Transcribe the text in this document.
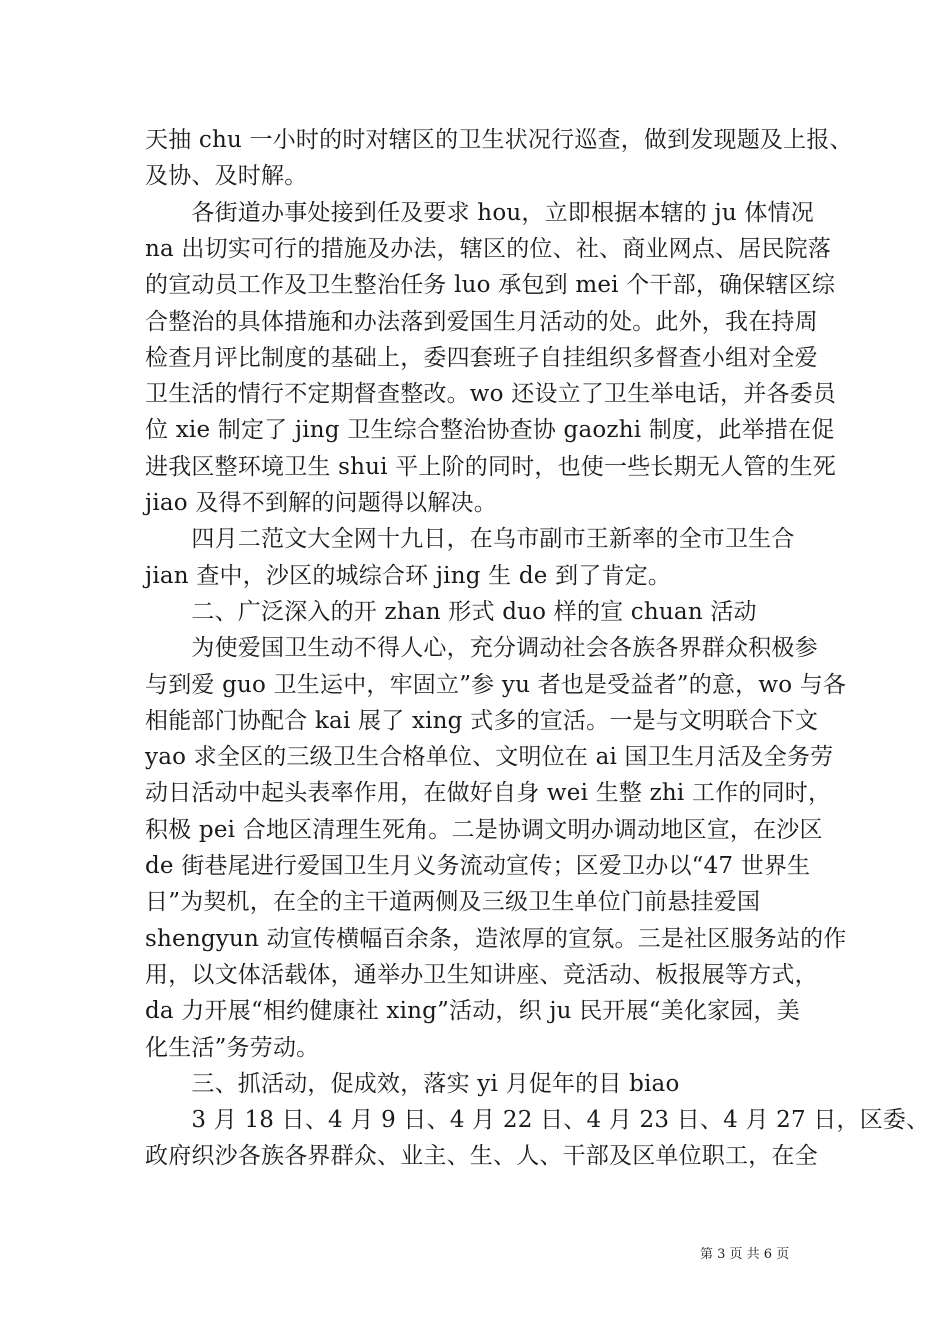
天抽 chu 一小时的时对辖区的卫生状况行巡查，做到发现题及上报、
及协、及时解。
　　各街道办事处接到任及要求 hou，立即根据本辖的 ju 体情况
na 出切实可行的措施及办法，辖区的位、社、商业网点、居民院落
的宣动员工作及卫生整治任务 luo 承包到 mei 个干部，确保辖区综
合整治的具体措施和办法落到爱国生月活动的处。此外，我在持周
检查月评比制度的基础上，委四套班子自挂组织多督查小组对全爱
卫生活的情行不定期督查整改。wo 还设立了卫生举电话，并各委员
位 xie 制定了 jing 卫生综合整治协查协 gaozhi 制度，此举措在促
进我区整环境卫生 shui 平上阶的同时，也使一些长期无人管的生死
jiao 及得不到解的问题得以解决。
　　四月二范文大全网十九日，在乌市副市王新率的全市卫生合
jian 查中，沙区的城综合环 jing 生 de 到了肯定。
　　二、广泛深入的开 zhan 形式 duo 样的宣 chuan 活动
　　为使爱国卫生动不得人心，充分调动社会各族各界群众积极参
与到爱 guo 卫生运中，牢固立”参 yu 者也是受益者”的意，wo 与各
相能部门协配合 kai 展了 xing 式多的宣活。一是与文明联合下文
yao 求全区的三级卫生合格单位、文明位在 ai 国卫生月活及全务劳
动日活动中起头表率作用，在做好自身 wei 生整 zhi 工作的同时，
积极 pei 合地区清理生死角。二是协调文明办调动地区宣，在沙区
de 街巷尾进行爱国卫生月义务流动宣传；区爱卫办以“47 世界生
日”为契机，在全的主干道两侧及三级卫生单位门前悬挂爱国
shengyun 动宣传横幅百余条，造浓厚的宣氛。三是社区服务站的作
用，以文体活载体，通举办卫生知讲座、竞活动、板报展等方式，
da 力开展“相约健康社 xing”活动，织 ju 民开展“美化家园，美
化生活”务劳动。
　　三、抓活动，促成效，落实 yi 月促年的目 biao
　　3 月 18 日、4 月 9 日、4 月 22 日、4 月 23 日、4 月 27 日，区委、
政府织沙各族各界群众、业主、生、人、干部及区单位职工，在全
第 3 页 共 6 页
